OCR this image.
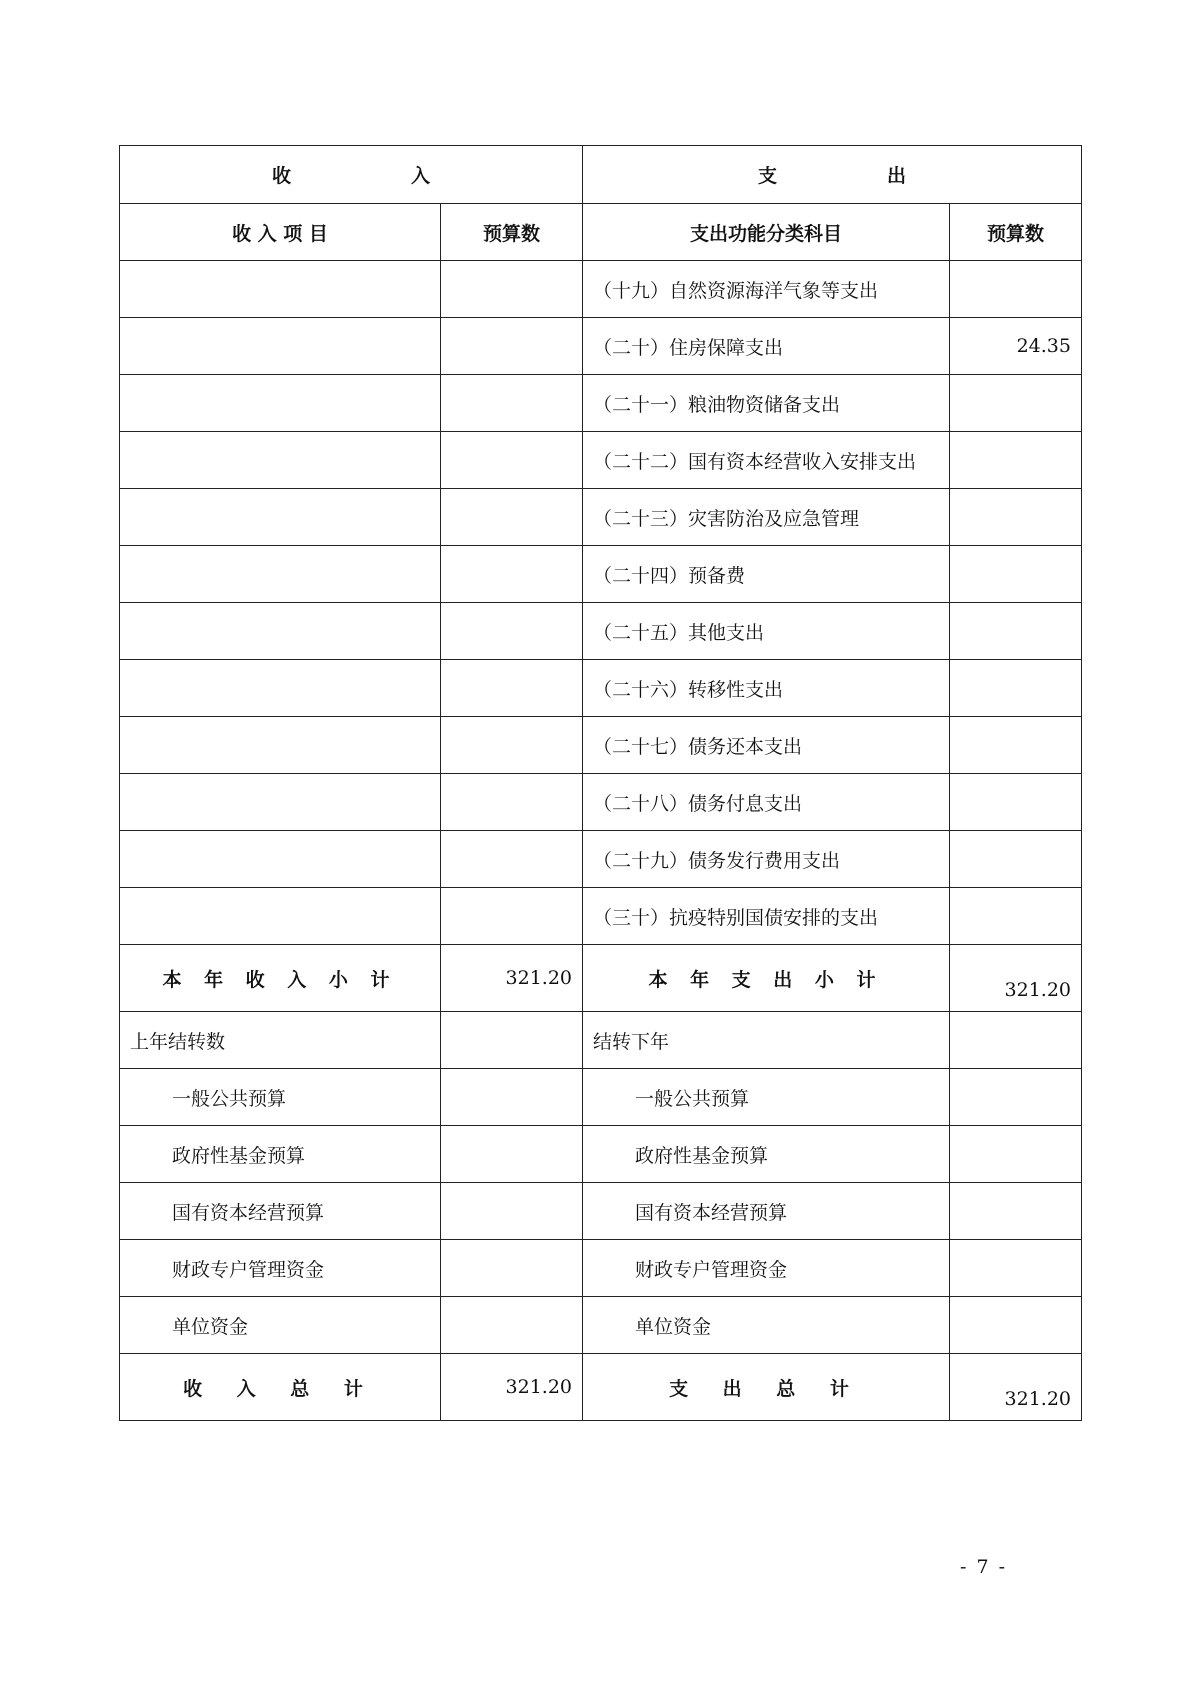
收 入		支 出	
收 入 项 目	预算数	支出功能分类科目	预算数
		（十九）自然资源海洋气象等支出	
		（二十）住房保障支出	24.35
		（二十一）粮油物资储备支出	
		（二十二）国有资本经营收入安排支出	
		（二十三）灾害防治及应急管理	
		（二十四）预备费	
		（二十五）其他支出	
		（二十六）转移性支出	
		（二十七）债务还本支出	
		（二十八）债务付息支出	
		（二十九）债务发行费用支出	
		（三十）抗疫特别国债安排的支出	
本 年 收 入 小 计	321.20	本 年 支 出 小 计	321.20
上年结转数		结转下年	
一般公共预算		一般公共预算	
政府性基金预算		政府性基金预算	
国有资本经营预算		国有资本经营预算	
财政专户管理资金		财政专户管理资金	
单位资金		单位资金	
收 入 总 计	321.20	支 出 总 计	321.20
- 7 -
